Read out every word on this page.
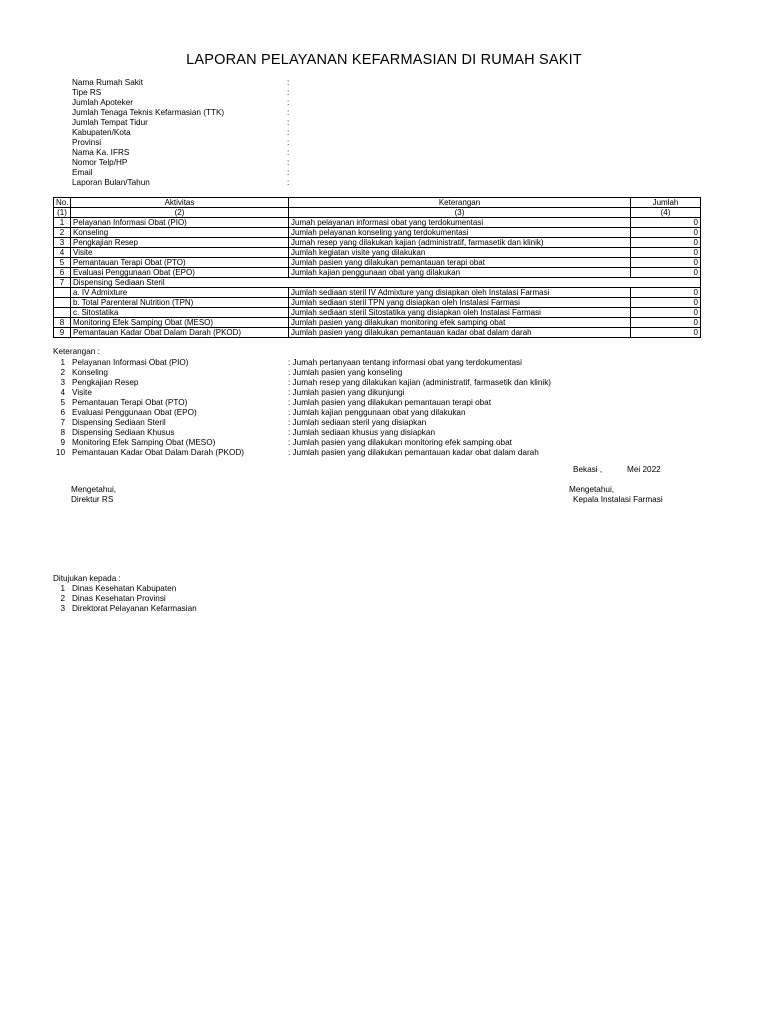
LAPORAN PELAYANAN KEFARMASIAN DI RUMAH SAKIT
Nama Rumah Sakit	:
Tipe RS	:
Jumlah Apoteker	:
Jumlah Tenaga Teknis Kefarmasian (TTK)	:
Jumlah Tempat Tidur	:
Kabupaten/Kota	:
Provinsi	:
Nama Ka. IFRS	:
Nomor Telp/HP	:
Email	:
Laporan Bulan/Tahun	:
No.	Aktivitas	Keterangan	Jumlah
(1)	(2)	(3)	(4)
1	Pelayanan Informasi Obat (PIO)	Jumah pelayanan informasi obat yang terdokumentasi	0
2	Konseling	Jumlah pelayanan konseling yang terdokumentasi	0
3	Pengkajian Resep	Jumah resep yang dilakukan kajian (administratif, farmasetik dan klinik)	0
4	Visite	Jumlah kegiatan visite yang dilakukan	0
5	Pemantauan Terapi Obat (PTO)	Jumlah pasien yang dilakukan pemantauan terapi obat	0
6	Evaluasi Penggunaan Obat (EPO)	Jumlah kajian penggunaan obat yang dilakukan	0
7	Dispensing Sediaan Steril		
	a. IV Admixture	Jumlah sediaan steril IV Admixture yang disiapkan oleh Instalasi Farmasi	0
	b. Total Parenteral Nutrition (TPN)	Jumlah sediaan steril TPN yang disiapkan oleh Instalasi Farmasi	0
	c. Sitostatika	Jumlah sediaan steril Sitostatika yang disiapkan oleh Instalasi Farmasi	0
8	Monitoring Efek Samping Obat (MESO)	Jumlah pasien yang dilakukan monitoring efek samping obat	0
9	Pemantauan Kadar Obat Dalam Darah (PKOD)	Jumlah pasien yang dilakukan pemantauan kadar obat dalam darah	0
Keterangan :
1 Pelayanan Informasi Obat (PIO)	: Jumah pertanyaan tentang informasi obat yang terdokumentasi
2 Konseling	: Jumlah pasien yang konseling
3 Pengkajian Resep	: Jumah resep yang dilakukan kajian (administratif, farmasetik dan klinik)
4 Visite	: Jumlah pasien yang dikunjungi
5 Pemantauan Terapi Obat (PTO)	: Jumlah pasien yang dilakukan pemantauan terapi obat
6 Evaluasi Penggunaan Obat (EPO)	: Jumlah kajian penggunaan obat yang dilakukan
7 Dispensing Sediaan Steril	: Jumlah sediaan steril yang disiapkan
8 Dispensing Sediaan Khusus	: Jumlah sediaan khusus yang disiapkan
9 Monitoring Efek Samping Obat (MESO)	: Jumlah pasien yang dilakukan monitoring efek samping obat
10 Pemantauan Kadar Obat Dalam Darah (PKOD)	: Jumlah pasien yang dilakukan pemantauan kadar obat dalam darah
Bekasi ,	Mei 2022
Mengetahui,
Direktur RS
Mengetahui,
Kepala Instalasi Farmasi
Ditujukan kepada :
1 Dinas Kesehatan Kabupaten
2 Dinas Kesehatan Provinsi
3 Direktorat Pelayanan Kefarmasian
